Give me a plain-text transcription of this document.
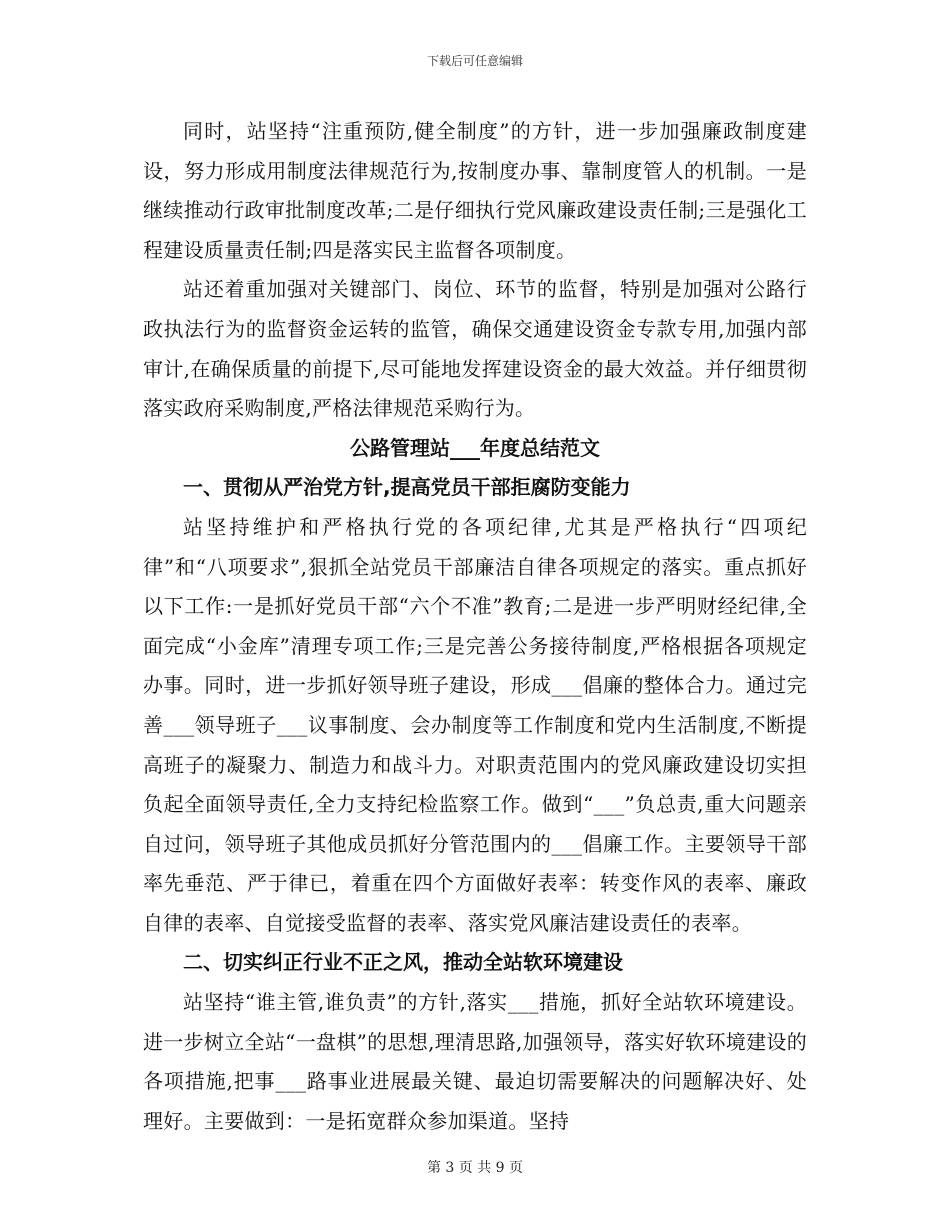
下载后可任意编辑

同时，站坚持“注重预防,健全制度”的方针，进一步加强廉政制度建设，努力形成用制度法律规范行为,按制度办事、靠制度管人的机制。一是继续推动行政审批制度改革;二是仔细执行党风廉政建设责任制;三是强化工程建设质量责任制;四是落实民主监督各项制度。

站还着重加强对关键部门、岗位、环节的监督，特别是加强对公路行政执法行为的监督资金运转的监管，确保交通建设资金专款专用,加强内部审计,在确保质量的前提下,尽可能地发挥建设资金的最大效益。并仔细贯彻落实政府采购制度,严格法律规范采购行为。

公路管理站___年度总结范文
一、贯彻从严治党方针,提高党员干部拒腐防变能力

站坚持维护和严格执行党的各项纪律,尤其是严格执行“四项纪律”和“八项要求”,狠抓全站党员干部廉洁自律各项规定的落实。重点抓好以下工作:一是抓好党员干部“六个不准”教育;二是进一步严明财经纪律,全面完成“小金库”清理专项工作;三是完善公务接待制度,严格根据各项规定办事。同时，进一步抓好领导班子建设，形成___倡廉的整体合力。通过完善___领导班子___议事制度、会办制度等工作制度和党内生活制度,不断提高班子的凝聚力、制造力和战斗力。对职责范围内的党风廉政建设切实担负起全面领导责任,全力支持纪检监察工作。做到“___”负总责,重大问题亲自过问，领导班子其他成员抓好分管范围内的___倡廉工作。主要领导干部率先垂范、严于律已，着重在四个方面做好表率：转变作风的表率、廉政自律的表率、自觉接受监督的表率、落实党风廉洁建设责任的表率。

二、切实纠正行业不正之风，推动全站软环境建设

站坚持“谁主管,谁负责”的方针,落实___措施，抓好全站软环境建设。进一步树立全站“一盘棋”的思想,理清思路,加强领导，落实好软环境建设的各项措施,把事___路事业进展最关键、最迫切需要解决的问题解决好、处理好。主要做到：一是拓宽群众参加渠道。坚持

第 3 页 共 9 页
